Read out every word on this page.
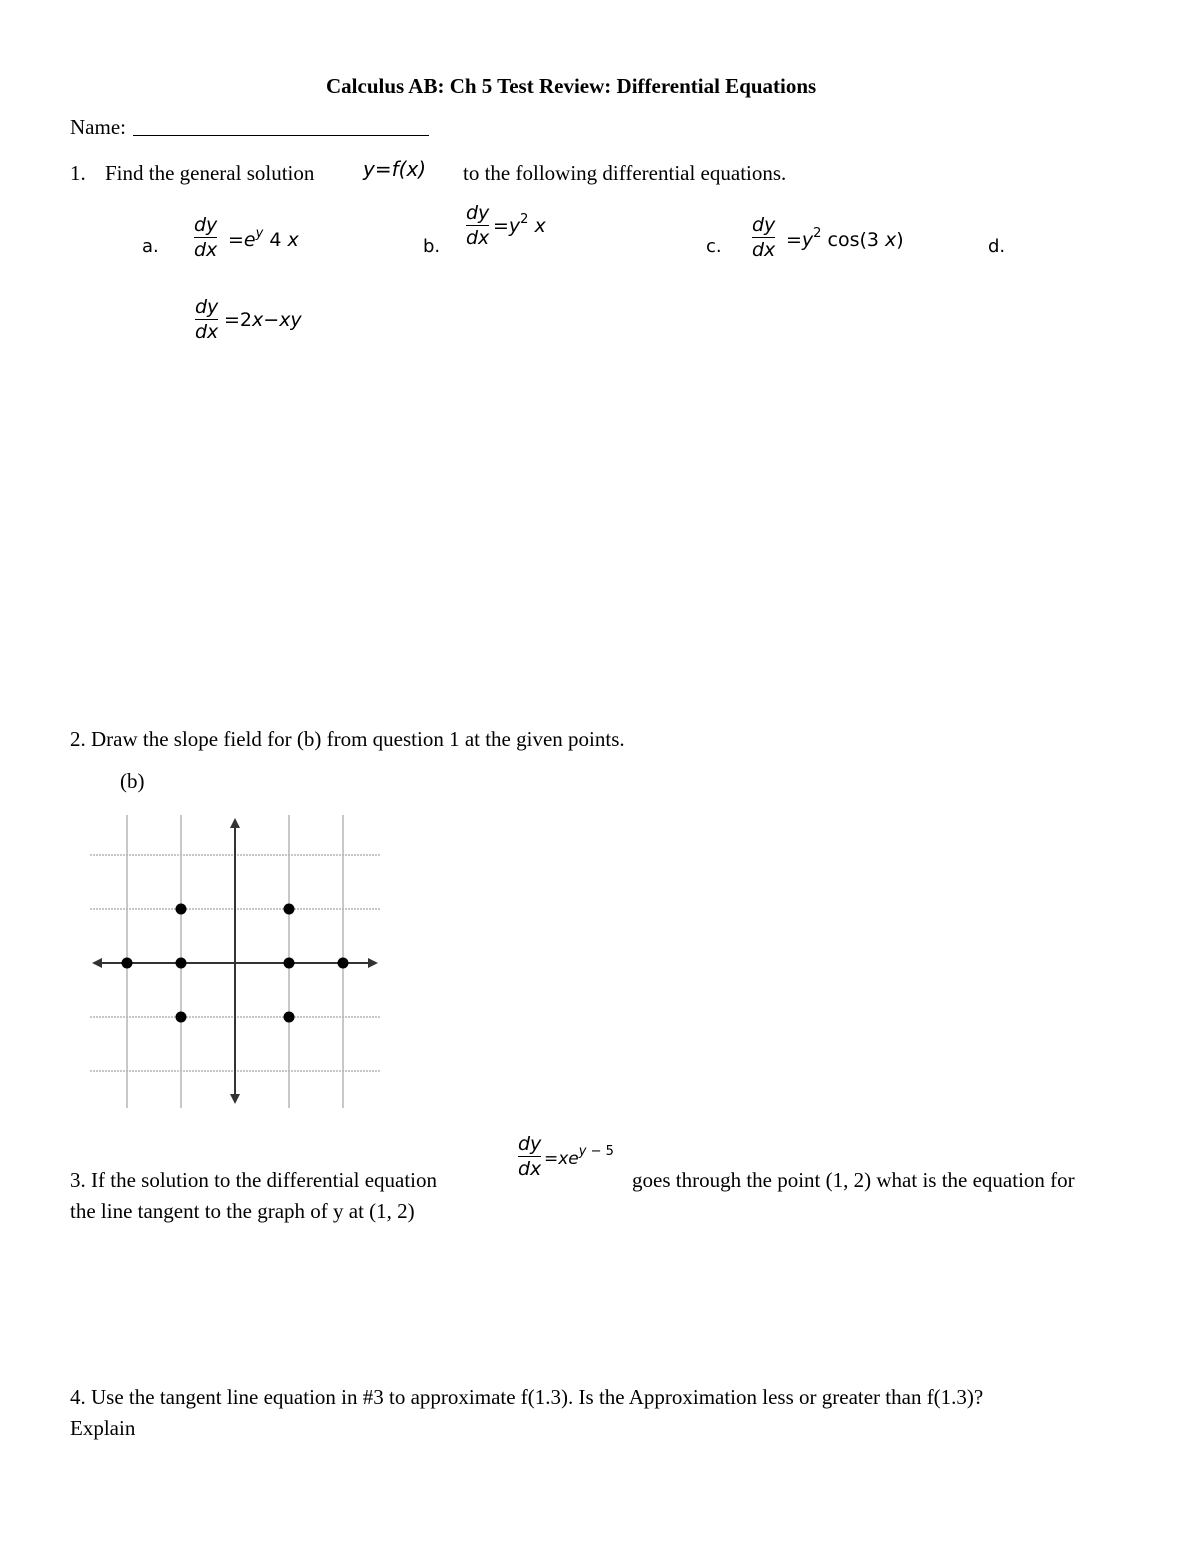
Calculus AB: Ch 5 Test Review: Differential Equations
Name:
1. Find the general solution y=f(x) to the following differential equations.
a.
dy
dx $=e^y$ 4 x	b.
dy
dx
$=y^2$ x
c.
dy
dx $=y^2$ cos(3 x)	d.
dy
dx
=2x−xy
2. Draw the slope field for (b) from question 1 at the given points.
(b)
3. If the solution to the differential equation
dy
dx $=xe^{y - 5}$
goes through the point (1, 2) what is the equation for
the line tangent to the graph of y at (1, 2)
4. Use the tangent line equation in #3 to approximate f(1.3). Is the Approximation less or greater than f(1.3)?
Explain
